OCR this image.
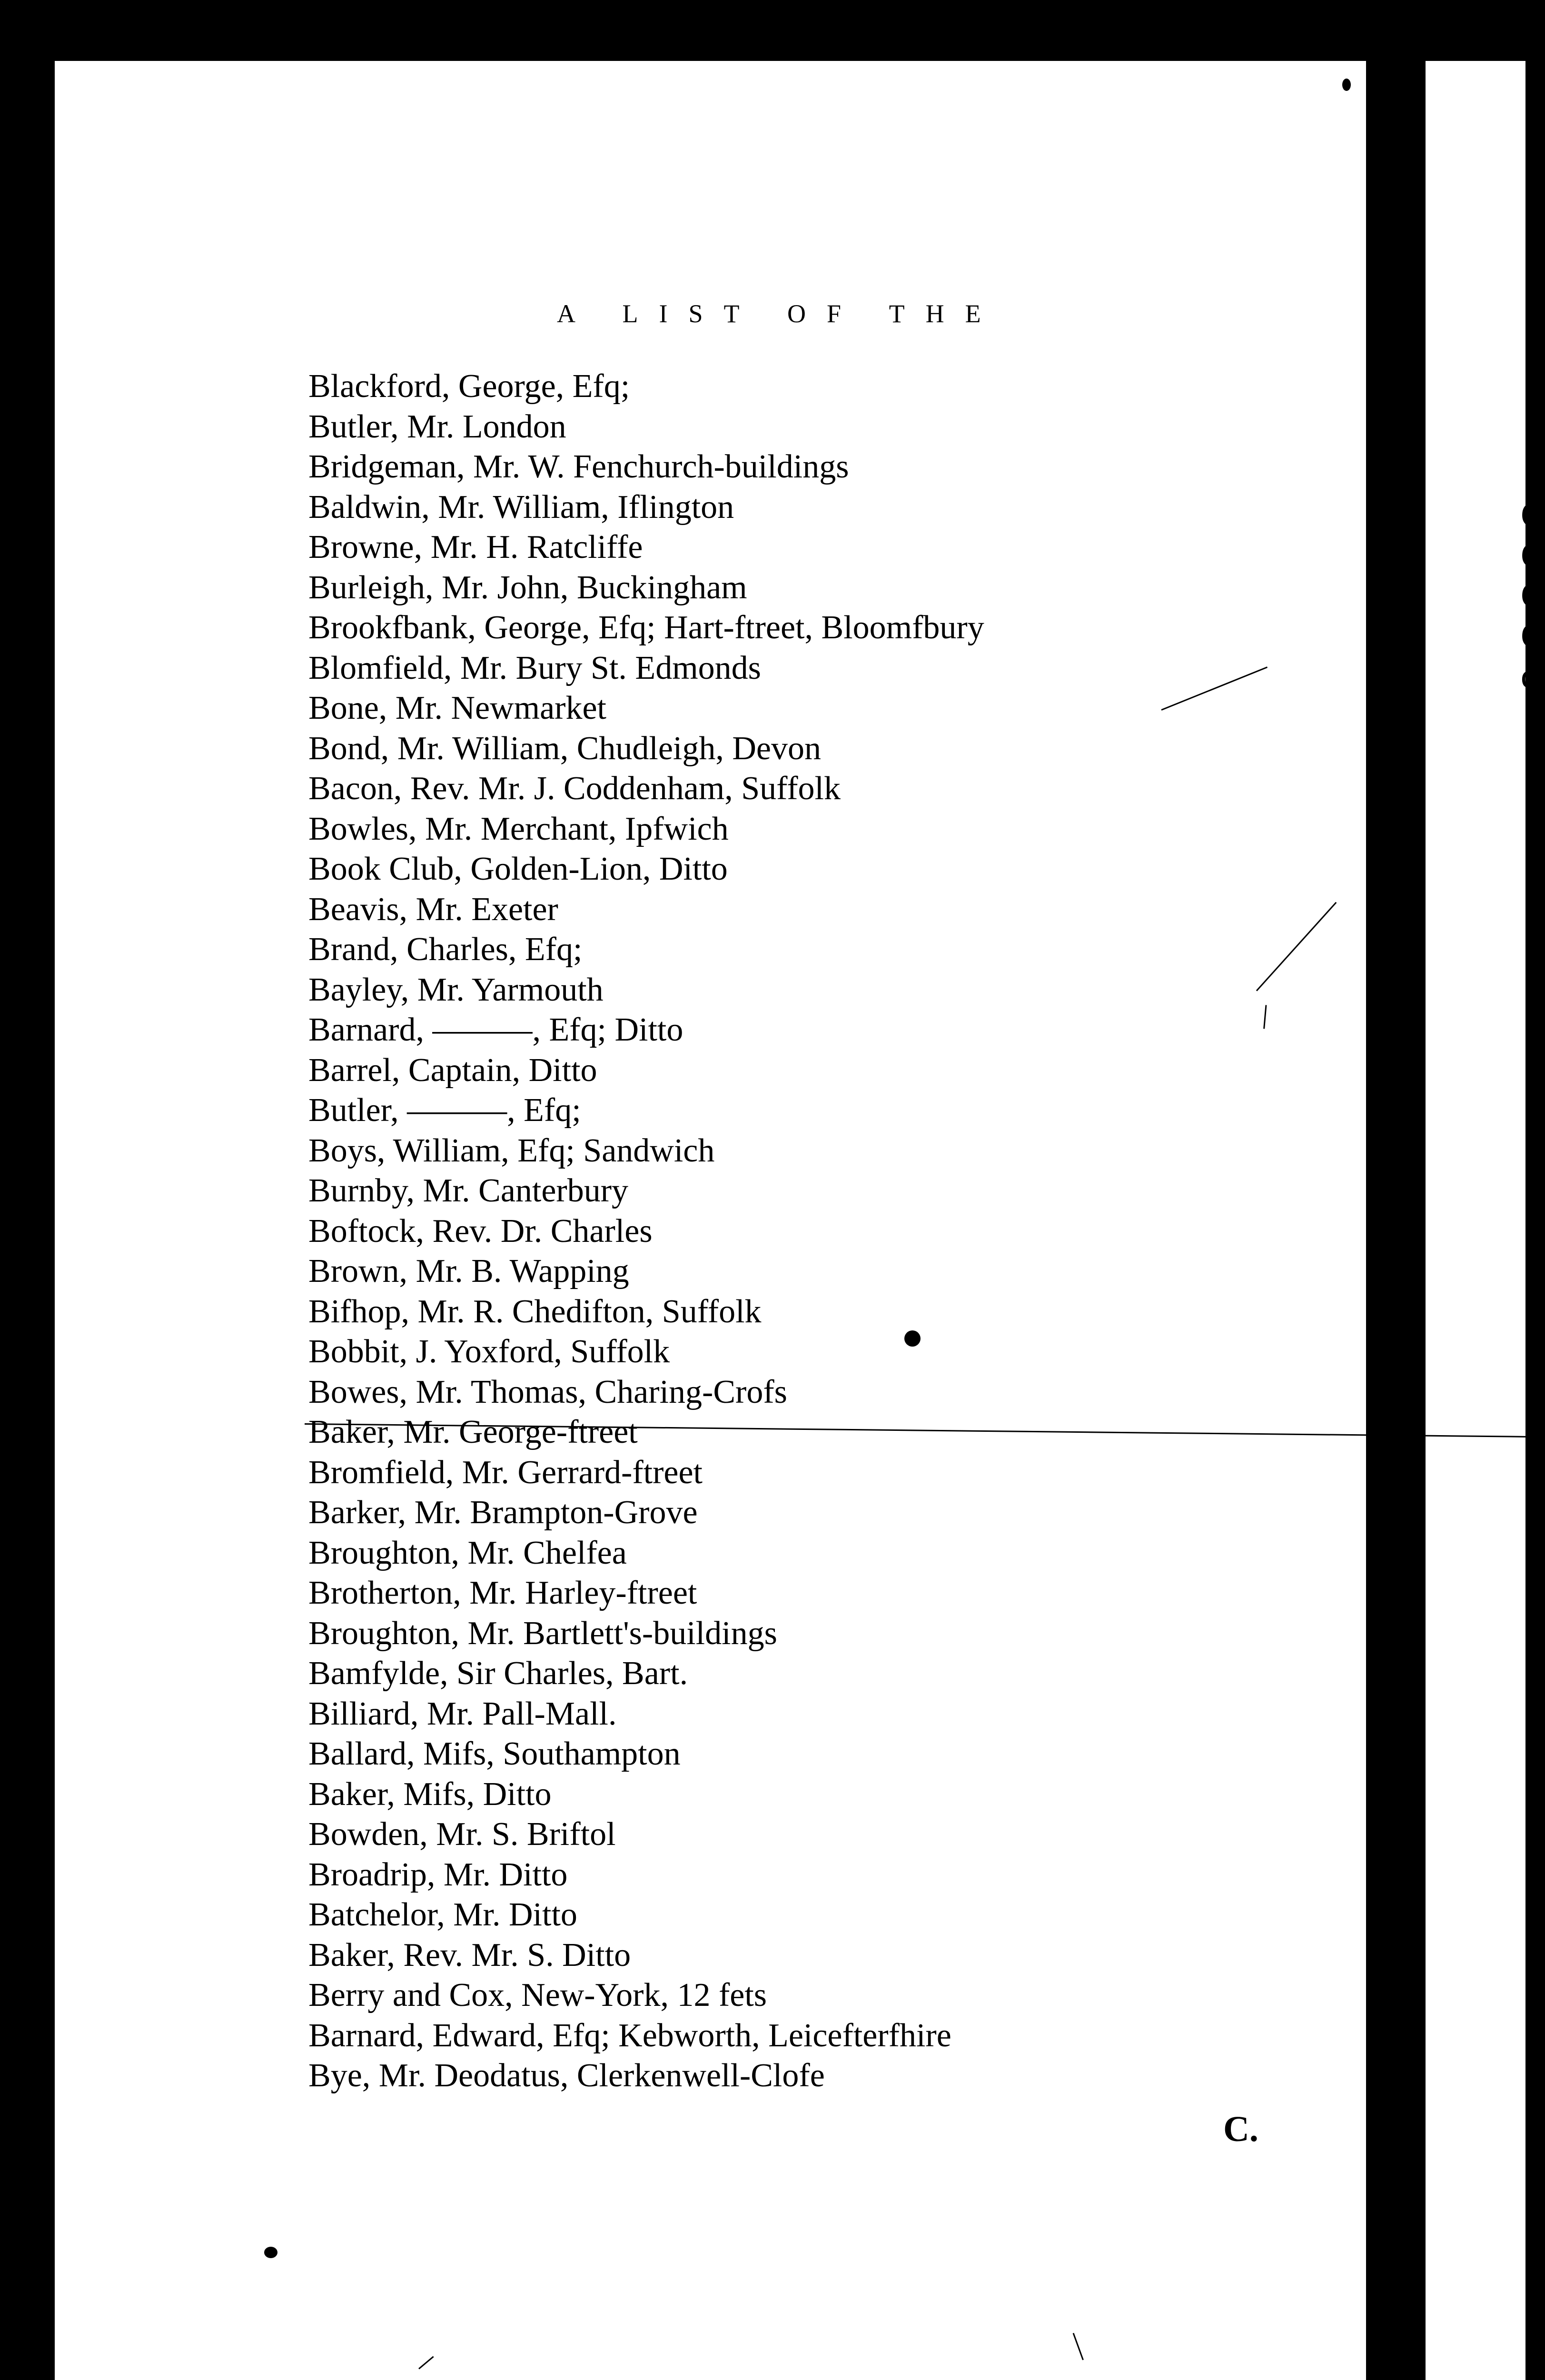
C
C
C
C
c
A LIST OF THE
Blackford, George, Efq;
Butler, Mr. London
Bridgeman, Mr. W. Fenchurch-buildings
Baldwin, Mr. William, Iflington
Browne, Mr. H. Ratcliffe
Burleigh, Mr. John, Buckingham
Brookfbank, George, Efq; Hart-ftreet, Bloomfbury
Blomfield, Mr. Bury St. Edmonds
Bone, Mr. Newmarket
Bond, Mr. William, Chudleigh, Devon
Bacon, Rev. Mr. J. Coddenham, Suffolk
Bowles, Mr. Merchant, Ipfwich
Book Club, Golden-Lion, Ditto
Beavis, Mr. Exeter
Brand, Charles, Efq;
Bayley, Mr. Yarmouth
Barnard, ———, Efq; Ditto
Barrel, Captain, Ditto
Butler, ———, Efq;
Boys, William, Efq; Sandwich
Burnby, Mr. Canterbury
Boftock, Rev. Dr. Charles
Brown, Mr. B. Wapping
Bifhop, Mr. R. Chedifton, Suffolk
Bobbit, J. Yoxford, Suffolk
Bowes, Mr. Thomas, Charing-Crofs
Baker, Mr. George-ftreet
Bromfield, Mr. Gerrard-ftreet
Barker, Mr. Brampton-Grove
Broughton, Mr. Chelfea
Brotherton, Mr. Harley-ftreet
Broughton, Mr. Bartlett's-buildings
Bamfylde, Sir Charles, Bart.
Billiard, Mr. Pall-Mall.
Ballard, Mifs, Southampton
Baker, Mifs, Ditto
Bowden, Mr. S. Briftol
Broadrip, Mr. Ditto
Batchelor, Mr. Ditto
Baker, Rev. Mr. S. Ditto
Berry and Cox, New-York, 12 fets
Barnard, Edward, Efq; Kebworth, Leicefterfhire
Bye, Mr. Deodatus, Clerkenwell-Clofe
C.
